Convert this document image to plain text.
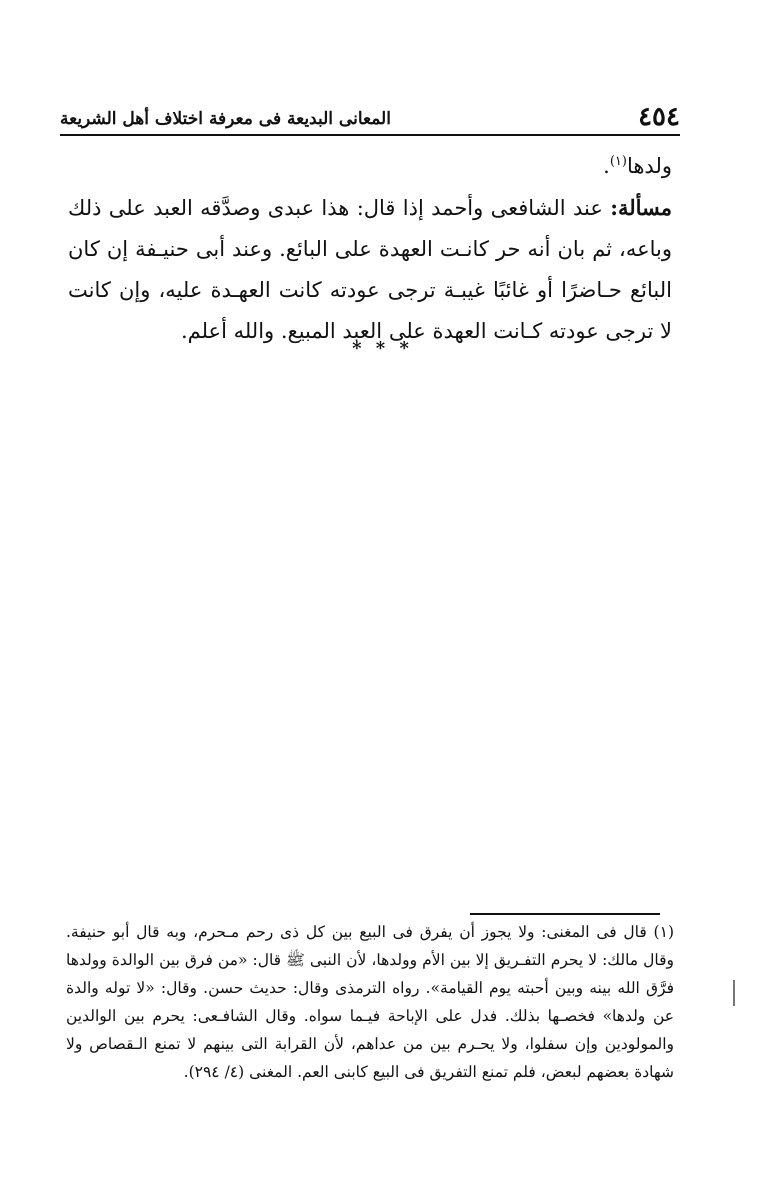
٤٥٤
المعانى البديعة فى معرفة اختلاف أهل الشريعة

ولدها$^{(١)}$.

مسألة: عند الشافعى وأحمد إذا قال: هذا عبدى وصدَّقه العبد على ذلك وباعه، ثم بان أنه حر كانـت العهدة على البائع. وعند أبى حنيـفة إن كان البائع حـاضرًا أو غائبًا غيبـة ترجى عودته كانت العهـدة عليه، وإن كانت لا ترجى عودته كـانت العهدة على العبد المبيع. والله أعلم.

* * *

(١) قال فى المغنى: ولا يجوز أن يفرق فى البيع بين كل ذى رحم مـحرم، وبه قال أبو حنيفة. وقال مالك: لا يحرم التفـريق إلا بين الأم وولدها، لأن النبى ﷺ قال: «من فرق بين الوالدة وولدها فرَّق الله بينه وبين أحبته يوم القيامة». رواه الترمذى وقال: حديث حسن. وقال: «لا توله والدة عن ولدها» فخصـها بذلك. فدل على الإباحة فيـما سواه. وقال الشافـعى: يحرم بين الوالدين والمولودين وإن سفلوا، ولا يحـرم بين من عداهم، لأن القرابة التى بينهم لا تمنع الـقصاص ولا شهادة بعضهم لبعض، فلم تمنع التفريق فى البيع كابنى العم. المغنى (٤/ ٢٩٤).
